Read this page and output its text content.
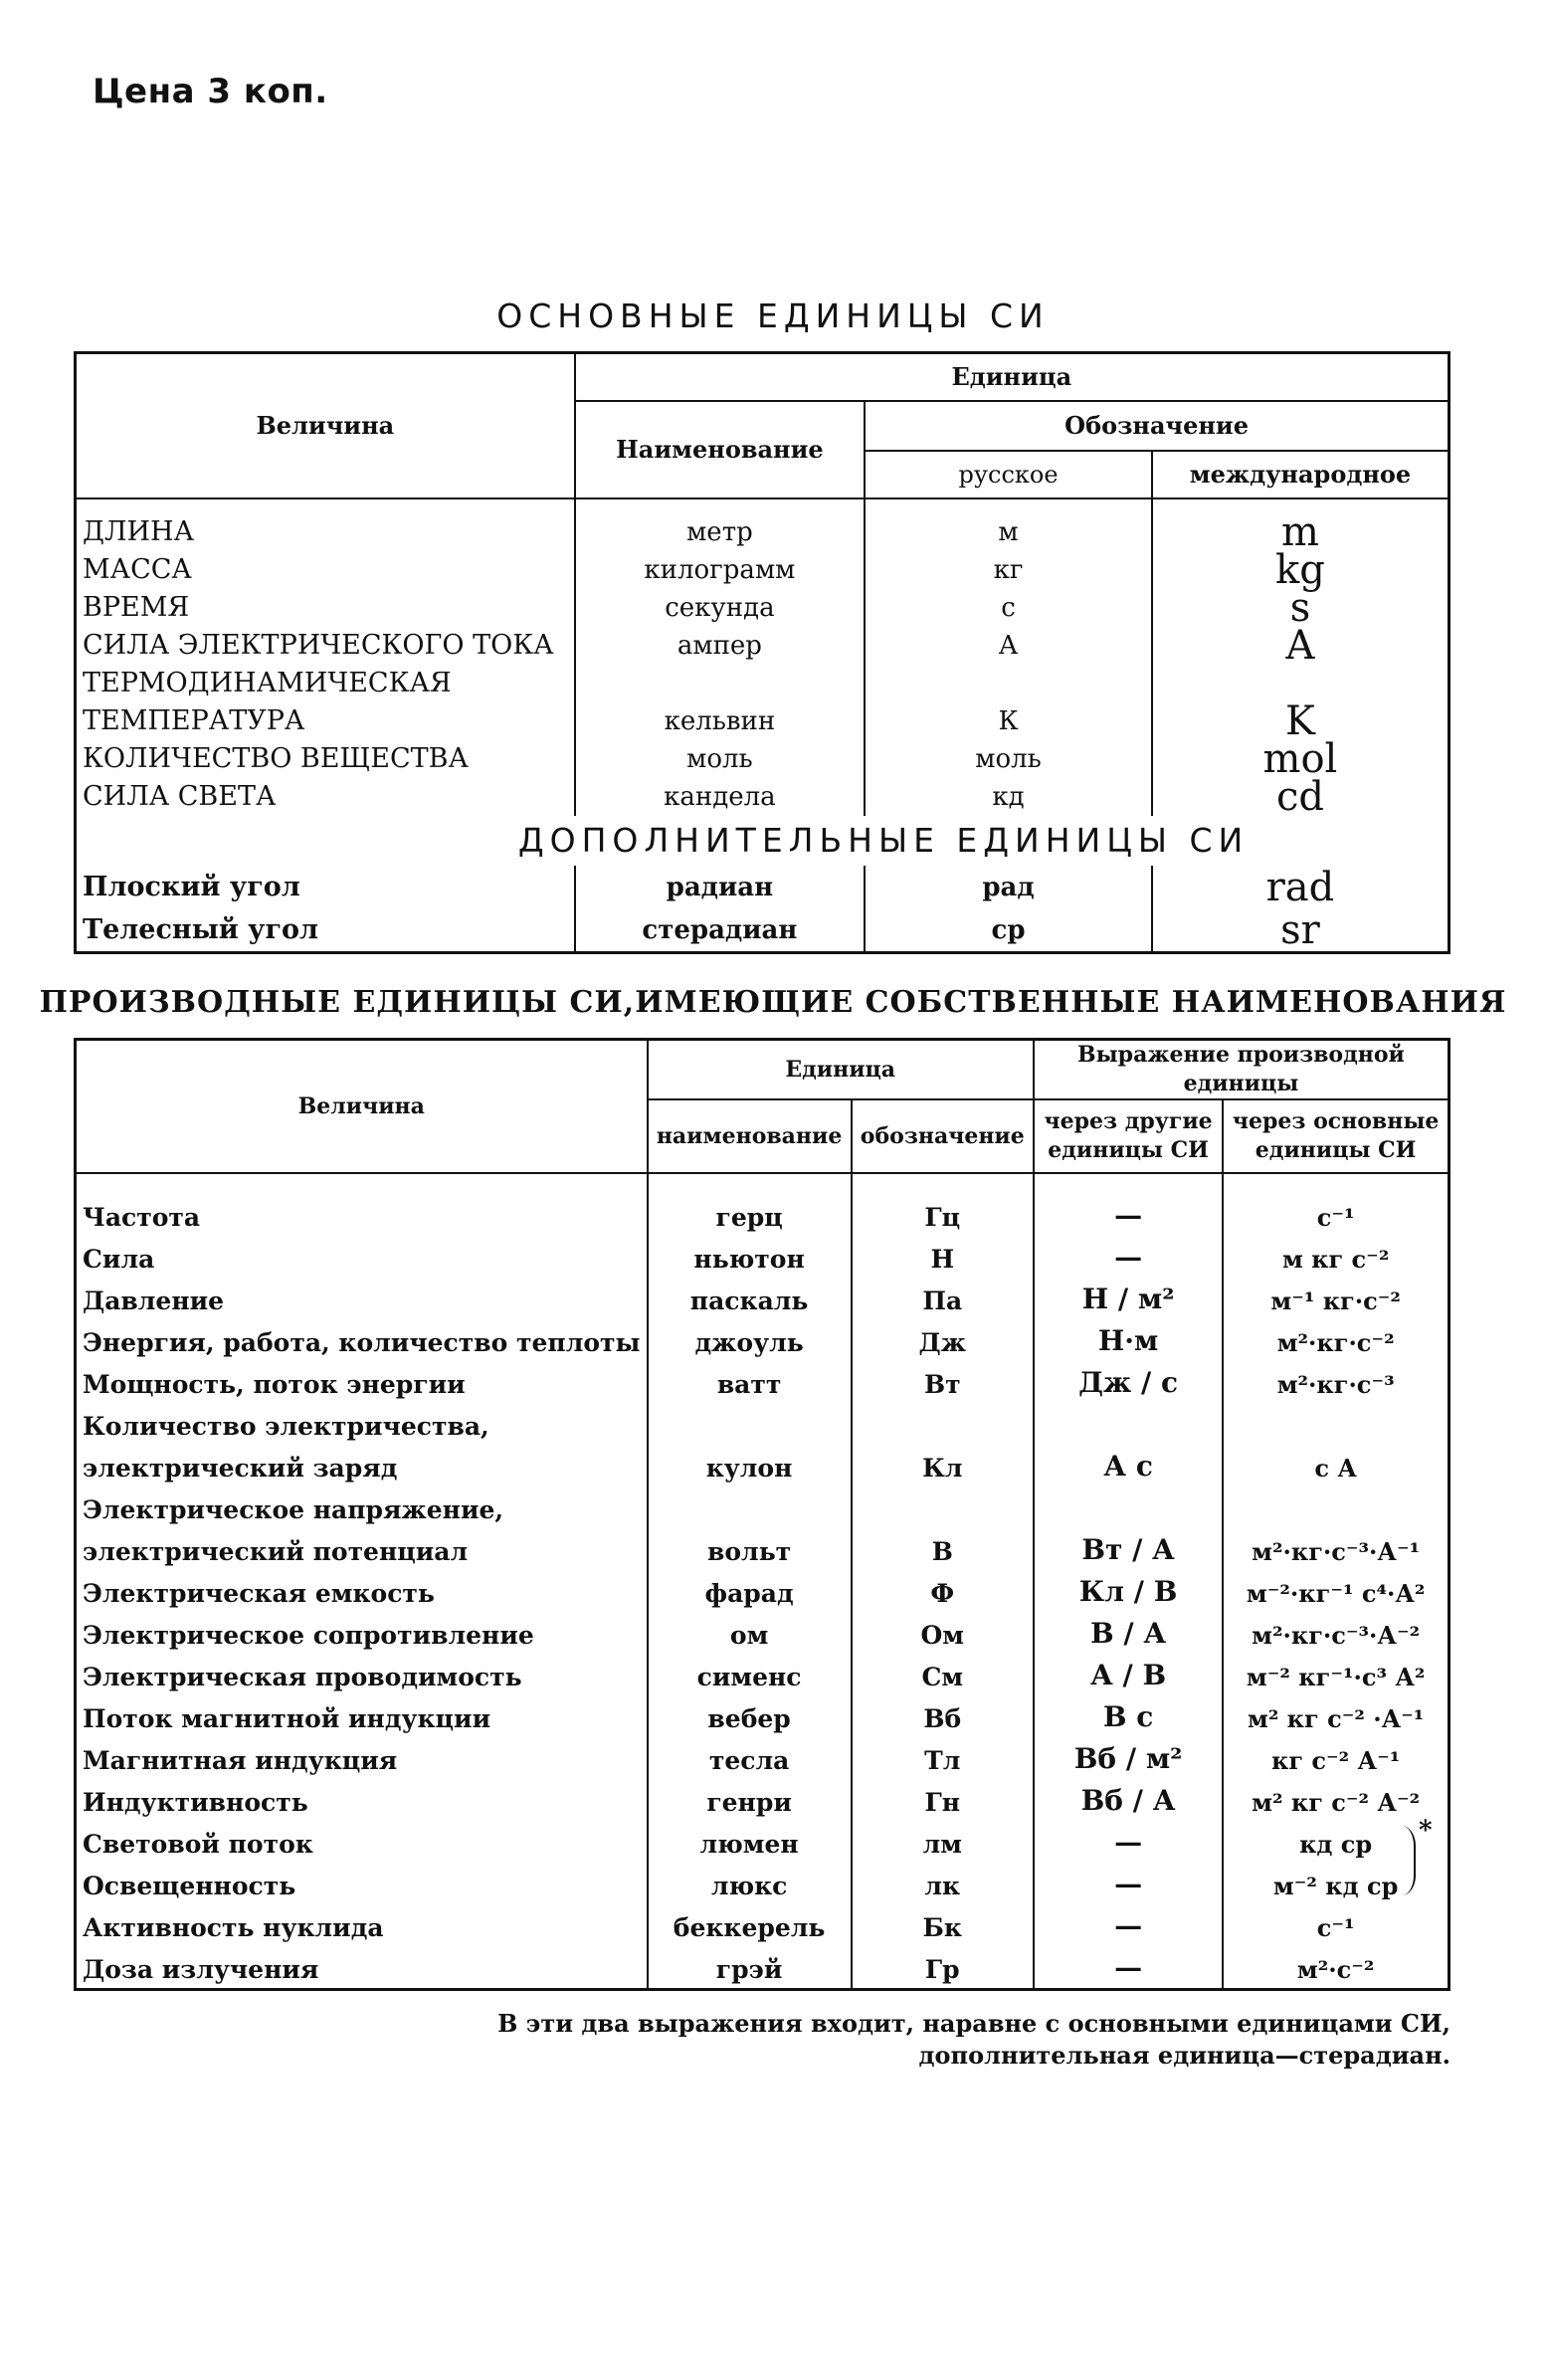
Цена 3 коп.
ОСНОВНЫЕ ЕДИНИЦЫ СИ
Величина	Единица		
	Наименование	Обозначение	
		русское	международное
ДЛИНА	метр	м	m
МАССА	килограмм	кг	kg
ВРЕМЯ	секунда	с	s
СИЛА ЭЛЕКТРИЧЕСКОГО ТОКА	ампер	А	A
ТЕРМОДИНАМИЧЕСКАЯ			
ТЕМПЕРАТУРА	кельвин	К	K
КОЛИЧЕСТВО ВЕЩЕСТВА	моль	моль	mol
СИЛА СВЕТА	кандела	кд	cd
ДОПОЛНИТЕЛЬНЫЕ ЕДИНИЦЫ СИ			
Плоский угол	радиан	рад	rad
Телесный угол	стерадиан	ср	sr
ПРОИЗВОДНЫЕ ЕДИНИЦЫ СИ,ИМЕЮЩИЕ СОБСТВЕННЫЕ НАИМЕНОВАНИЯ
Величина	Единица		Выражение производной единицы	
	наименование	обозначение	через другие единицы СИ	через основные единицы СИ
Частота	герц	Гц	—	с⁻¹
Сила	ньютон	Н	—	м кг с⁻²
Давление	паскаль	Па	Н / м²	м⁻¹ кг·с⁻²
Энергия, работа, количество теплоты	джоуль	Дж	Н·м	м²·кг·с⁻²
Мощность, поток энергии	ватт	Вт	Дж / с	м²·кг·с⁻³
Количество электричества,				
электрический заряд	кулон	Кл	А с	с А
Электрическое напряжение,				
электрический потенциал	вольт	В	Вт / А	м²·кг·с⁻³·А⁻¹
Электрическая емкость	фарад	Ф	Кл / В	м⁻²·кг⁻¹ с⁴·А²
Электрическое сопротивление	ом	Ом	В / А	м²·кг·с⁻³·А⁻²
Электрическая проводимость	сименс	См	А / В	м⁻² кг⁻¹·с³ А²
Поток магнитной индукции	вебер	Вб	В с	м² кг с⁻² ·А⁻¹
Магнитная индукция	тесла	Тл	Вб / м²	кг с⁻² А⁻¹
Индуктивность	генри	Гн	Вб / А	м² кг с⁻² А⁻²
Световой поток	люмен	лм	—	кд ср
Освещенность	люкс	лк	—	м⁻² кд ср
Активность нуклида	беккерель	Бк	—	с⁻¹
Доза излучения	грэй	Гр	—	м²·с⁻²
*
В эти два выражения входит, наравне с основными единицами СИ, дополнительная единица—стерадиан.
